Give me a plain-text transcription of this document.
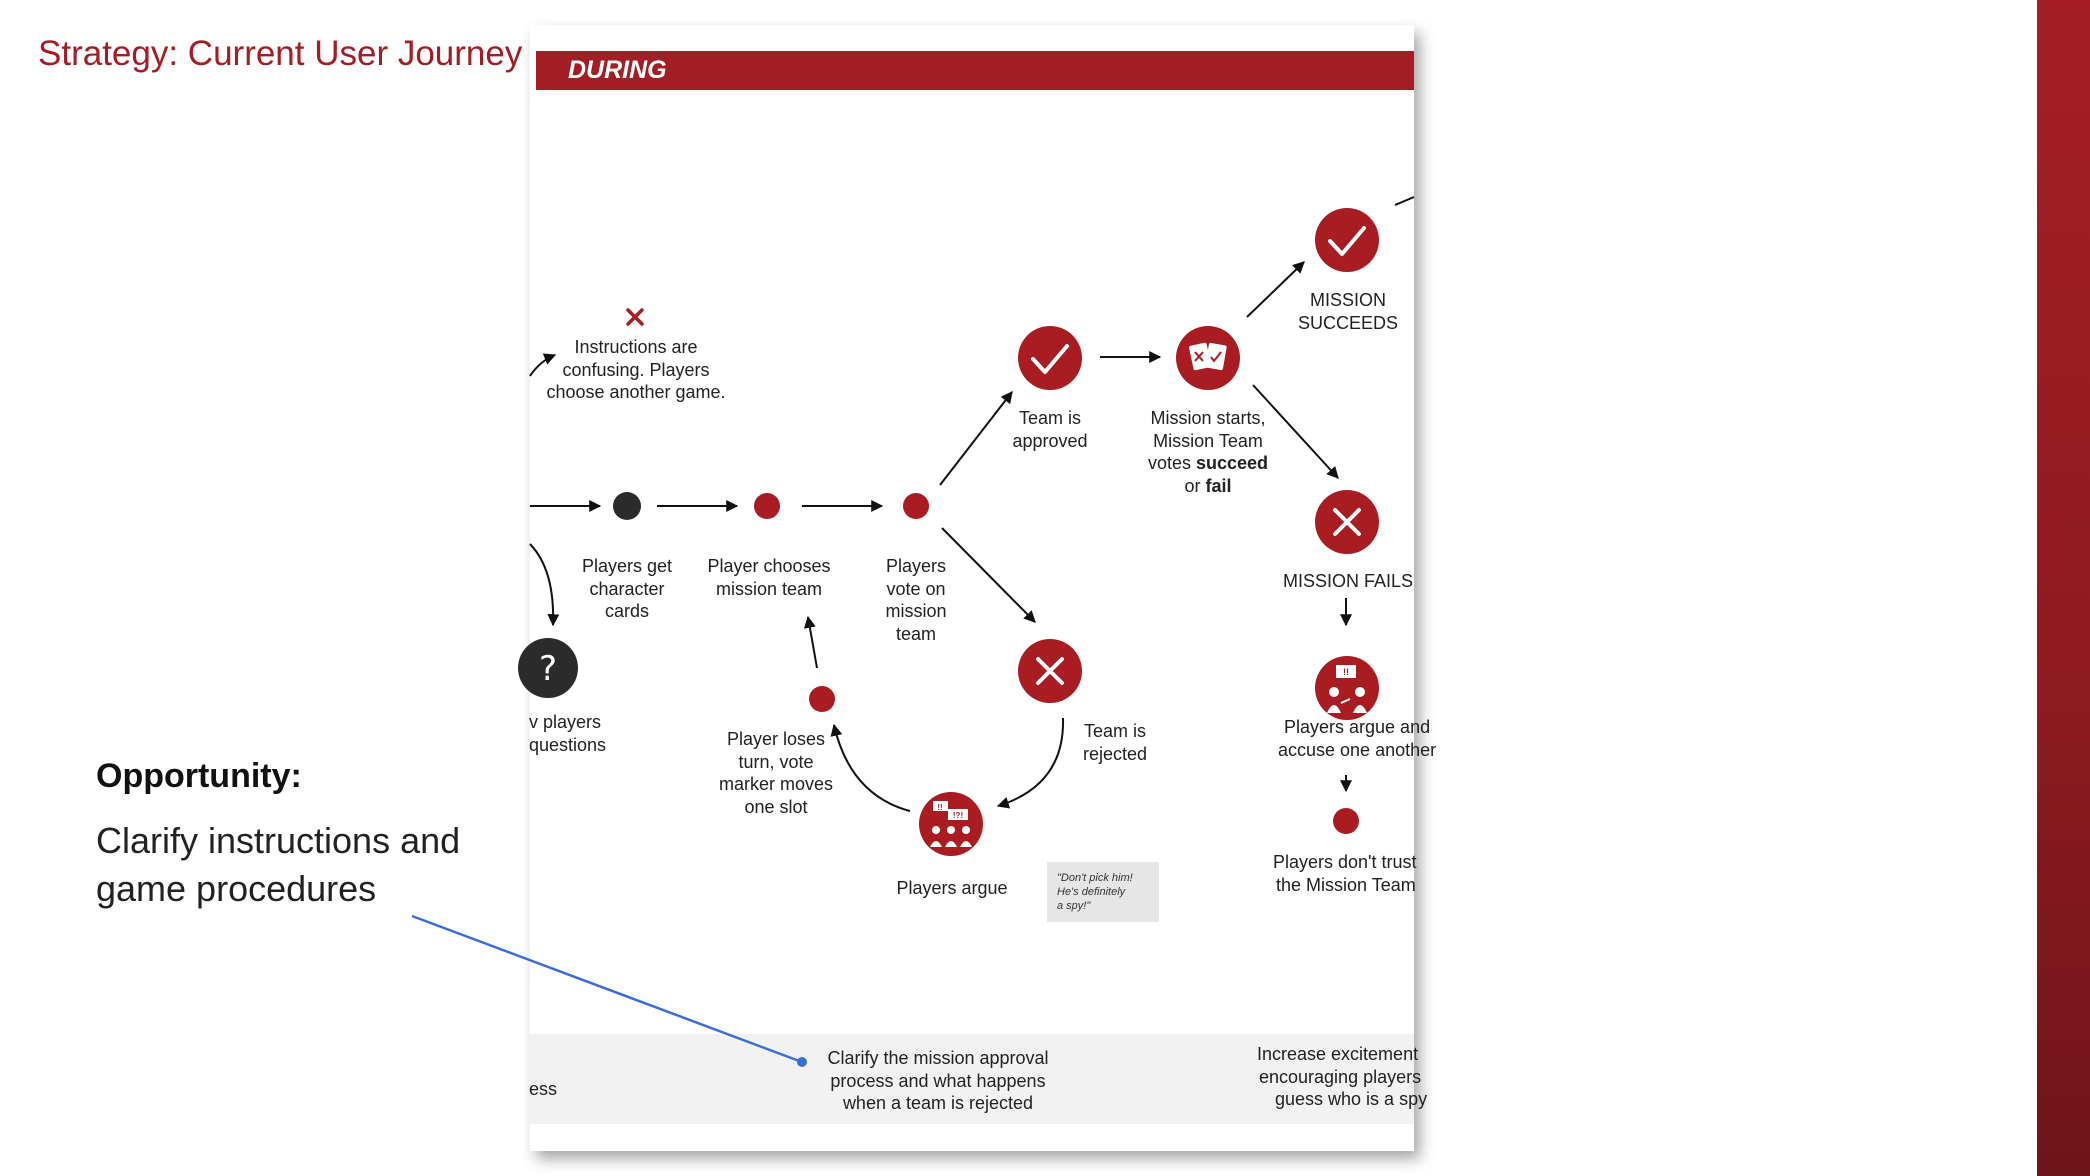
Strategy: Current User Journey
Opportunity:
Clarify instructions and game procedures
DURING
?
!!
!?!
!!
Instructions are
confusing. Players
choose another game.
v players
questions
Players get
character
cards
Player chooses
mission team
Players
vote on
mission
team
Team is
approved
Mission starts,
Mission Team
votes succeed
or fail
MISSION
SUCCEEDS
MISSION FAILS
Team is
rejected
Player loses
turn, vote
marker moves
one slot
Players argue	"Don't pick him!
He's definitely
a spy!"
Players argue and
accuse one another
Players don't trust
the Mission Team
ess
Clarify the mission approval
process and what happens
when a team is rejected
Increase excitement
encouraging players
guess who is a spy
